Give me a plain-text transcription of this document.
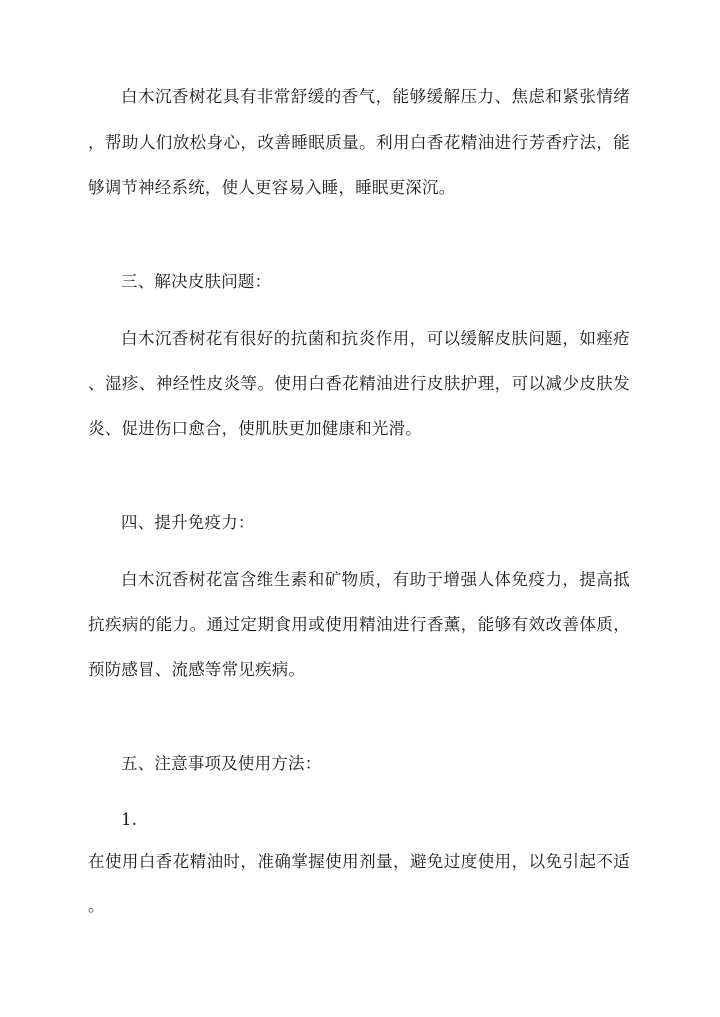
白木沉香树花具有非常舒缓的香气，能够缓解压力、焦虑和紧张情绪
，帮助人们放松身心，改善睡眠质量。利用白香花精油进行芳香疗法，能
够调节神经系统，使人更容易入睡，睡眠更深沉。
三、解决皮肤问题：
白木沉香树花有很好的抗菌和抗炎作用，可以缓解皮肤问题，如痤疮
、湿疹、神经性皮炎等。使用白香花精油进行皮肤护理，可以减少皮肤发
炎、促进伤口愈合，使肌肤更加健康和光滑。
四、提升免疫力：
白木沉香树花富含维生素和矿物质，有助于增强人体免疫力，提高抵
抗疾病的能力。通过定期食用或使用精油进行香薰，能够有效改善体质，
预防感冒、流感等常见疾病。
五、注意事项及使用方法：
1.
在使用白香花精油时，准确掌握使用剂量，避免过度使用，以免引起不适
。
